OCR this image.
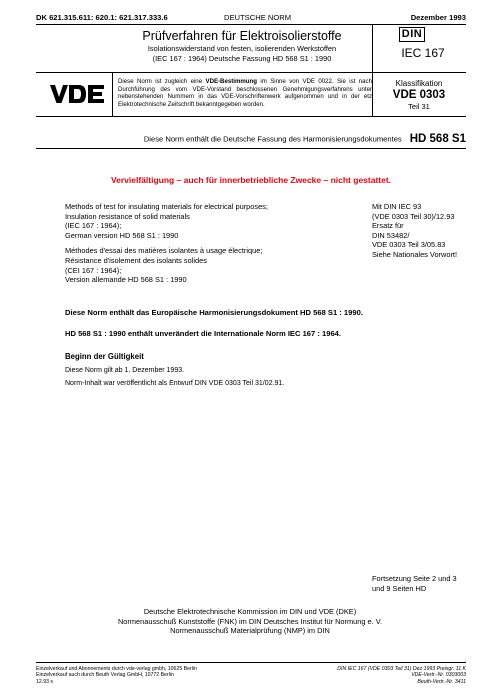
DK 621.315.611: 620.1: 621.317.333.6	DEUTSCHE NORM	Dezember 1993
Prüfverfahren für Elektroisolierstoffe
Isolationswiderstand von festen, isolierenden Werkstoffen
(IEC 167 : 1964) Deutsche Fassung HD 568 S1 : 1990
DIN
IEC 167
Diese Norm ist zugleich eine VDE-Bestimmung im Sinne von VDE 0022. Sie ist nach Durchführung des vom VDE-Vorstand beschlossenen Genehmigungsverfahrens unter nebenstehenden Nummern in das VDE-Vorschriftenwerk aufgenommen und in der etz Elektrotechnische Zeitschrift bekanntgegeben worden.
Klassifikation
VDE 0303
Teil 31
Diese Norm enthält die Deutsche Fassung des Harmonisierungsdokumentes HD 568 S1
Vervielfältigung – auch für innerbetriebliche Zwecke – nicht gestattet.
Methods of test for insulating materials for electrical purposes;
Insulation resistance of solid materials
(IEC 167 : 1964);
German version HD 568 S1 : 1990
Méthodes d'essai des matières isolantes à usage électrique;
Résistance d'isolement des isolants solides
(CEI 167 : 1964);
Version allemande HD 568 S1 : 1990
Mit DIN IEC 93
(VDE 0303 Teil 30)/12.93
Ersatz für
DIN 53482/
VDE 0303 Teil 3/05.83
Siehe Nationales Vorwort!
Diese Norm enthält das Europäische Harmonisierungsdokument HD 568 S1 : 1990.
HD 568 S1 : 1990 enthält unverändert die Internationale Norm IEC 167 : 1964.
Beginn der Gültigkeit
Diese Norm gilt ab 1. Dezember 1993.
Norm-Inhalt war veröffentlicht als Entwurf DIN VDE 0303 Teil 31/02.91.
Fortsetzung Seite 2 und 3
und 9 Seiten HD
Deutsche Elektrotechnische Kommission im DIN und VDE (DKE)
Normenausschuß Kunststoffe (FNK) im DIN Deutsches Institut für Normung e. V.
Normenausschuß Materialprüfung (NMP) im DIN
Einzelverkauf und Abonnements durch vde-verlag gmbh, 10625 Berlin
Einzelverkauf auch durch Beuth Verlag GmbH, 10772 Berlin
12.93 s
DIN IEC 167 (VDE 0303 Teil 31) Dez 1993 Preisgr. 11 K
VDE-Vertr.-Nr. 0303003
Beuth-Vertr.-Nr. 3411
